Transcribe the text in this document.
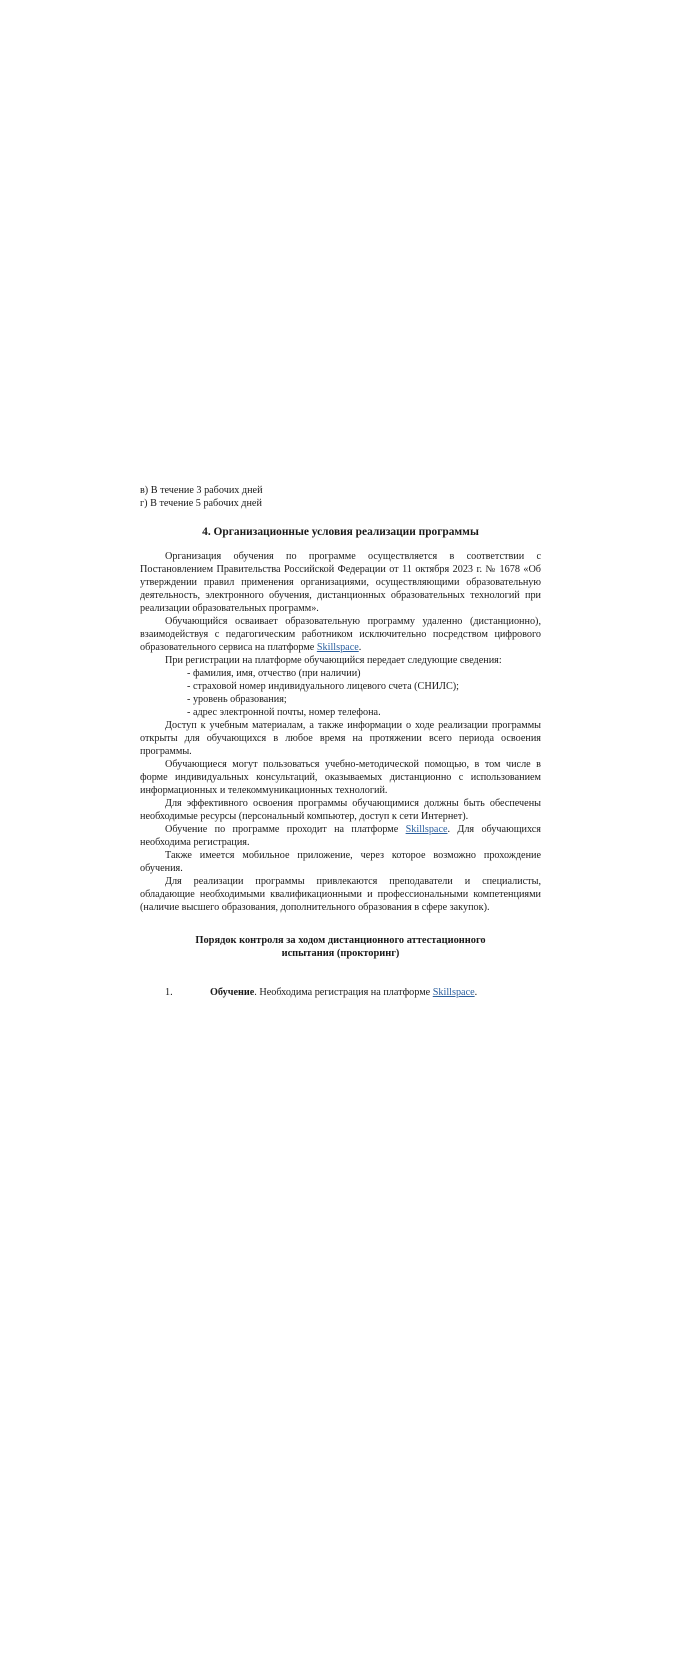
в) В течение 3 рабочих дней

г) В течение 5 рабочих дней

4. Организационные условия реализации программы

Организация обучения по программе осуществляется в соответствии с Постановлением Правительства Российской Федерации от 11 октября 2023 г. № 1678 «Об утверждении правил применения организациями, осуществляющими образовательную деятельность, электронного обучения, дистанционных образовательных технологий при реализации образовательных программ».

Обучающийся осваивает образовательную программу удаленно (дистанционно), взаимодействуя с педагогическим работником исключительно посредством цифрового образовательного сервиса на платформе Skillspace.

При регистрации на платформе обучающийся передает следующие сведения:

- фамилия, имя, отчество (при наличии)

- страховой номер индивидуального лицевого счета (СНИЛС);

- уровень образования;

- адрес электронной почты, номер телефона.

Доступ к учебным материалам, а также информации о ходе реализации программы открыты для обучающихся в любое время на протяжении всего периода освоения программы.

Обучающиеся могут пользоваться учебно-методической помощью, в том числе в форме индивидуальных консультаций, оказываемых дистанционно с использованием информационных и телекоммуникационных технологий.

Для эффективного освоения программы обучающимися должны быть обеспечены необходимые ресурсы (персональный компьютер, доступ к сети Интернет).

Обучение по программе проходит на платформе Skillspace. Для обучающихся необходима регистрация.

Также имеется мобильное приложение, через которое возможно прохождение обучения.

Для реализации программы привлекаются преподаватели и специалисты, обладающие необходимыми квалификационными и профессиональными компетенциями (наличие высшего образования, дополнительного образования в сфере закупок).

Порядок контроля за ходом дистанционного аттестационного

испытания (прокторинг)

1.	Обучение. Необходима регистрация на платформе Skillspace.
